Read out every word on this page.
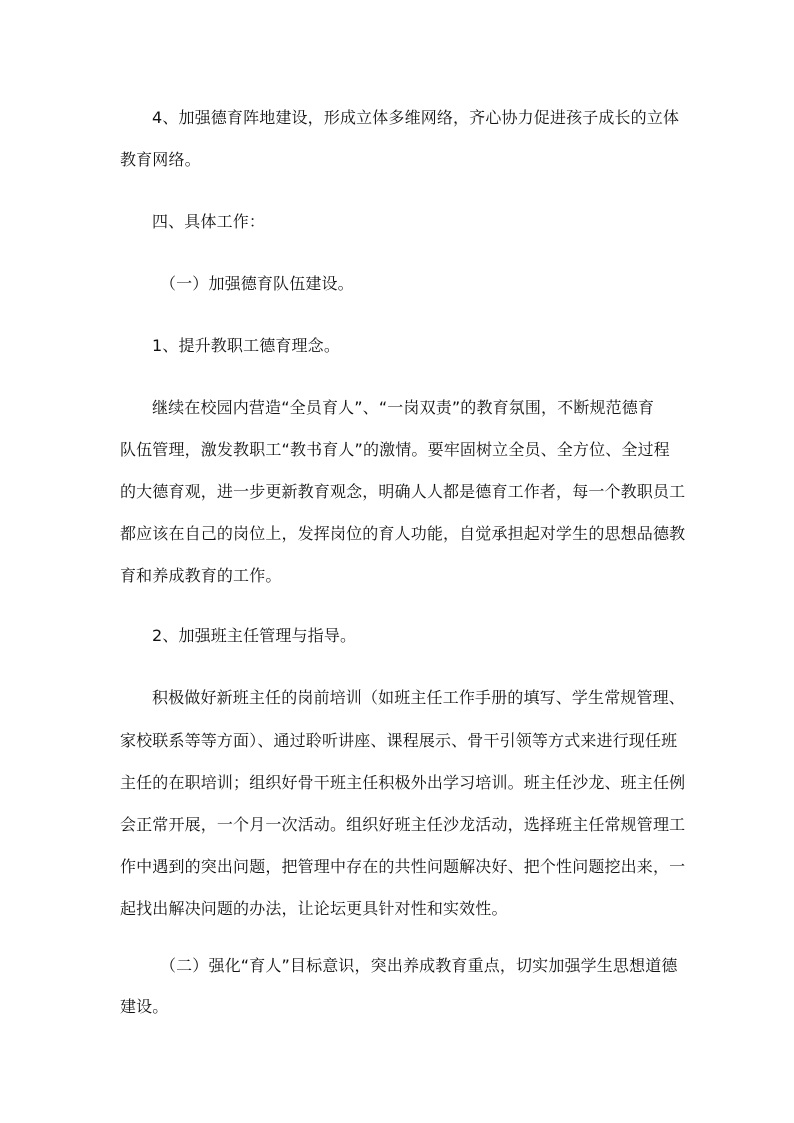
4、加强德育阵地建设，形成立体多维网络，齐心协力促进孩子成长的立体
教育网络。
四、具体工作：
（一）加强德育队伍建设。
1、提升教职工德育理念。
继续在校园内营造“全员育人”、“一岗双责”的教育氛围，不断规范德育
队伍管理，激发教职工“教书育人”的激情。要牢固树立全员、全方位、全过程
的大德育观，进一步更新教育观念，明确人人都是德育工作者，每一个教职员工
都应该在自己的岗位上，发挥岗位的育人功能，自觉承担起对学生的思想品德教
育和养成教育的工作。
2、加强班主任管理与指导。
积极做好新班主任的岗前培训（如班主任工作手册的填写、学生常规管理、
家校联系等等方面）、通过聆听讲座、课程展示、骨干引领等方式来进行现任班
主任的在职培训；组织好骨干班主任积极外出学习培训。班主任沙龙、班主任例
会正常开展，一个月一次活动。组织好班主任沙龙活动，选择班主任常规管理工
作中遇到的突出问题，把管理中存在的共性问题解决好、把个性问题挖出来，一
起找出解决问题的办法，让论坛更具针对性和实效性。
（二）强化“育人”目标意识，突出养成教育重点，切实加强学生思想道德
建设。
